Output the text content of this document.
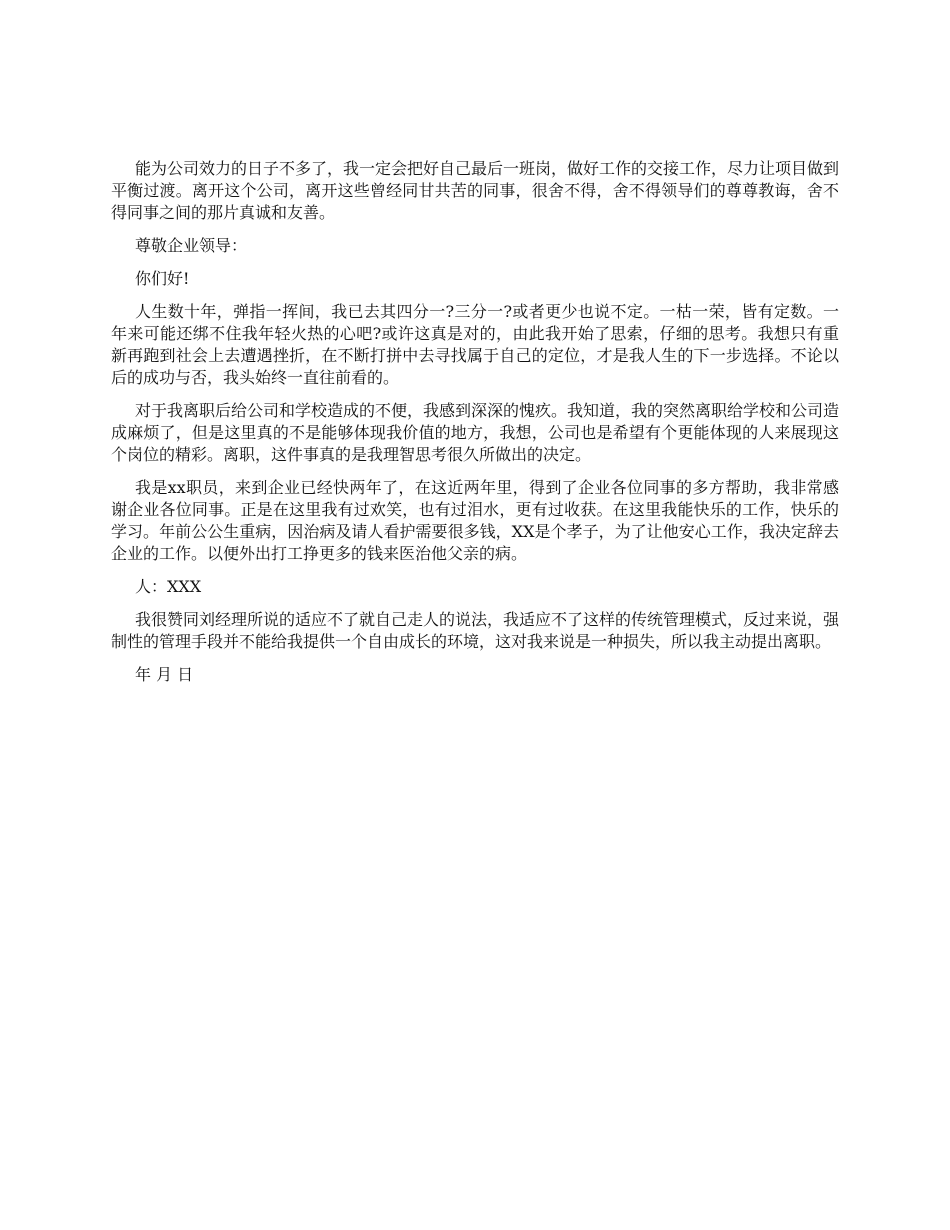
能为公司效力的日子不多了，我一定会把好自己最后一班岗，做好工作的交接工作，尽力让项目做到平衡过渡。离开这个公司，离开这些曾经同甘共苦的同事，很舍不得，舍不得领导们的尊尊教诲，舍不得同事之间的那片真诚和友善。

尊敬企业领导：

你们好!

人生数十年，弹指一挥间，我已去其四分一?三分一?或者更少也说不定。一枯一荣，皆有定数。一年来可能还绑不住我年轻火热的心吧?或许这真是对的，由此我开始了思索，仔细的思考。我想只有重新再跑到社会上去遭遇挫折，在不断打拼中去寻找属于自己的定位，才是我人生的下一步选择。不论以后的成功与否，我头始终一直往前看的。

对于我离职后给公司和学校造成的不便，我感到深深的愧疚。我知道，我的突然离职给学校和公司造成麻烦了，但是这里真的不是能够体现我价值的地方，我想，公司也是希望有个更能体现的人来展现这个岗位的精彩。离职，这件事真的是我理智思考很久所做出的决定。

我是xx职员，来到企业已经快两年了，在这近两年里，得到了企业各位同事的多方帮助，我非常感谢企业各位同事。正是在这里我有过欢笑，也有过泪水，更有过收获。在这里我能快乐的工作，快乐的学习。年前公公生重病，因治病及请人看护需要很多钱，XX是个孝子，为了让他安心工作，我决定辞去企业的工作。以便外出打工挣更多的钱来医治他父亲的病。

人：XXX

我很赞同刘经理所说的适应不了就自己走人的说法，我适应不了这样的传统管理模式，反过来说，强制性的管理手段并不能给我提供一个自由成长的环境，这对我来说是一种损失，所以我主动提出离职。

年 月 日
